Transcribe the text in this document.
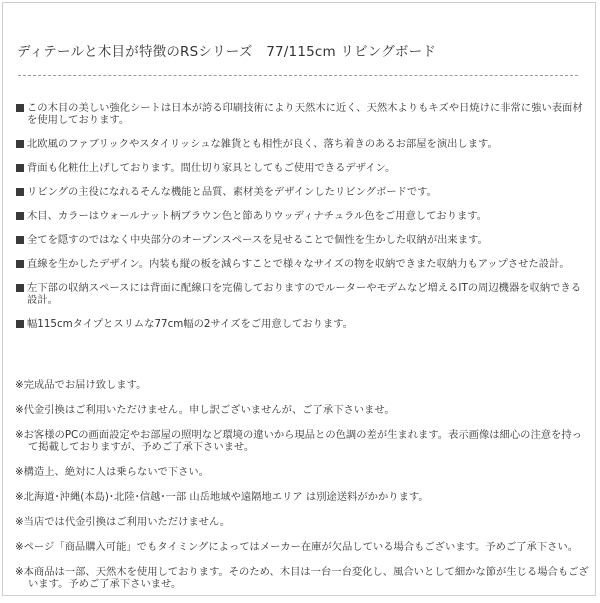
ディテールと木目が特徴のRSシリーズ　77/115cm リビングボード
この木目の美しい強化シートは日本が誇る印刷技術により天然木に近く、天然木よりもキズや日焼けに非常に強い表面材を使用しております。
北欧風のファブリックやスタイリッシュな雑貨とも相性が良く、落ち着きのあるお部屋を演出します。
背面も化粧仕上げしております。間仕切り家具としてもご使用できるデザイン。
リビングの主役になれるそんな機能と品質、素材美をデザインしたリビングボードです。
木目、カラーはウォールナット柄ブラウン色と節ありウッディナチュラル色をご用意しております。
全てを隠すのではなく中央部分のオープンスペースを見せることで個性を生かした収納が出来ます。
直線を生かしたデザイン。内装も縦の板を減らすことで様々なサイズの物を収納できまた収納力もアップさせた設計。
左下部の収納スペースには背面に配線口を完備しておりますのでルーターやモデムなど増えるITの周辺機器を収納できる設計。
幅115cmタイプとスリムな77cm幅の2サイズをご用意しております。
※完成品でお届け致します。
※代金引換はご利用いただけません。申し訳ございませんが、ご了承下さいませ。
※お客様のPCの画面設定やお部屋の照明など環境の違いから現品との色調の差が生まれます。表示画像は細心の注意を持って掲載しておりますが、予めご了承下さいませ。
※構造上、絶対に人は乗らないで下さい。
※北海道･沖縄(本島)･北陸･信越･一部 山岳地域や遠隔地エリア は別途送料がかかります。
※当店では代金引換はご利用いただけません。
※ページ「商品購入可能」でもタイミングによってはメーカー在庫が欠品している場合もございます。予めご了承下さい。
※本商品は一部、天然木を使用しております。そのため、木目は一台一台変化し、風合いとして細かな節が生じる場合もございます。予めご了承下さいませ。
